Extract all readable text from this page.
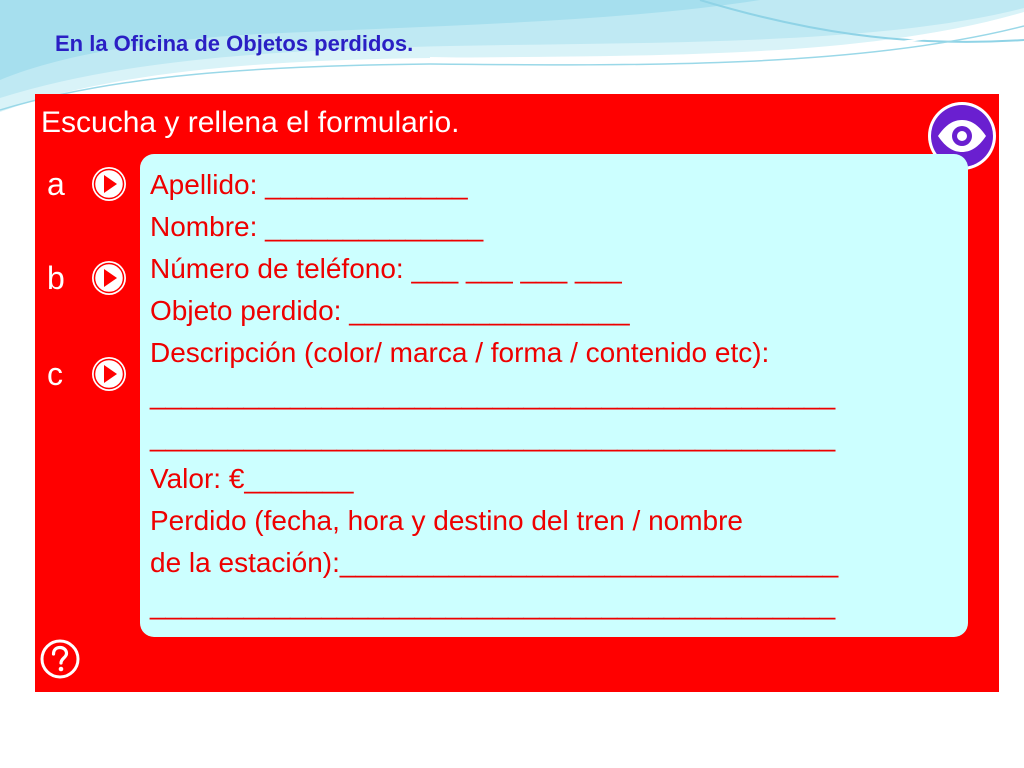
En la Oficina de Objetos perdidos.
Escucha y rellena el formulario.
a
b
c
Apellido: _____________
Nombre: ______________
Número de teléfono: ___ ___ ___ ___
Objeto perdido: __________________
Descripción (color/ marca / forma / contenido etc):
____________________________________________
____________________________________________
Valor: €_______
Perdido (fecha, hora y destino del tren / nombre
de la estación):________________________________
____________________________________________
